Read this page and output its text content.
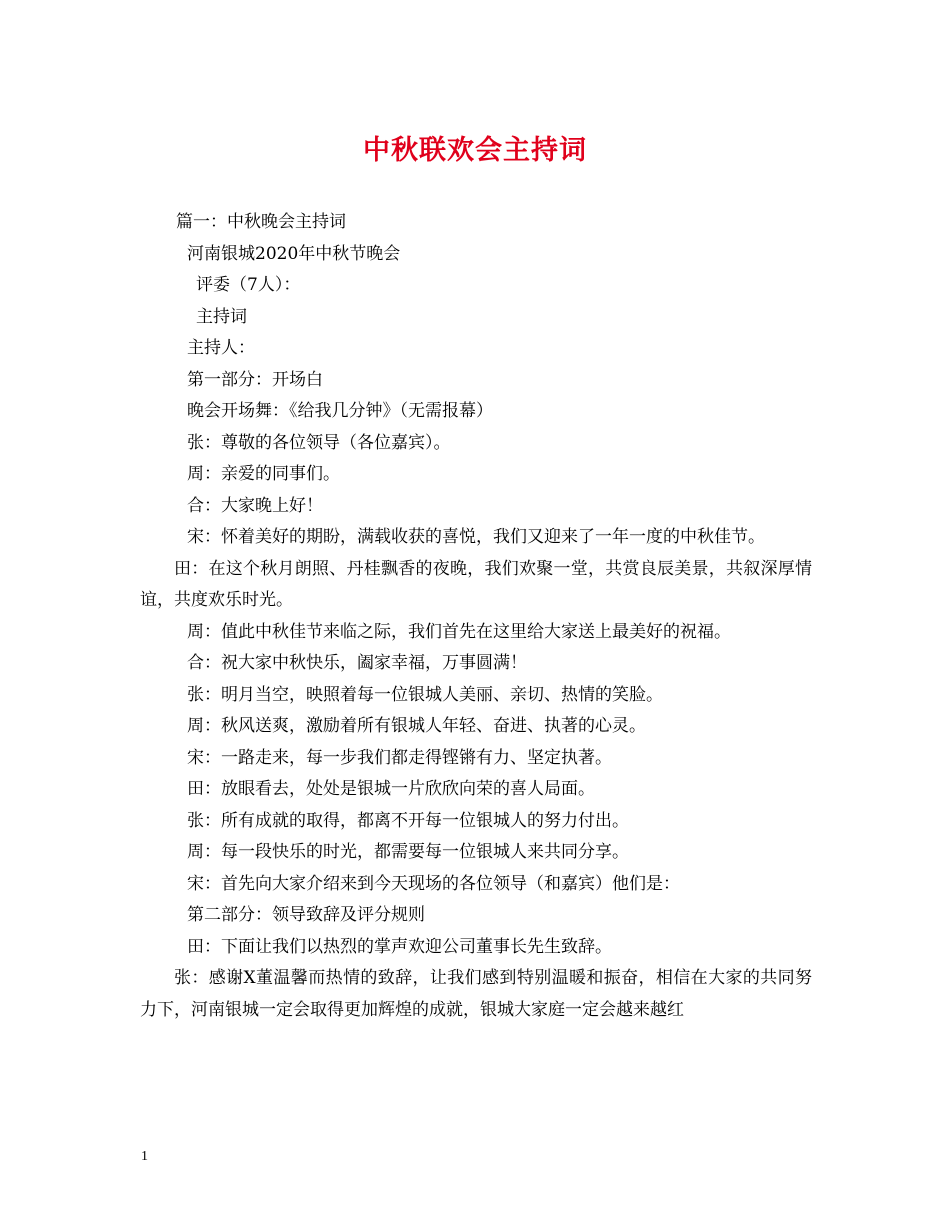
中秋联欢会主持词
篇一：中秋晚会主持词
河南银城2020年中秋节晚会
评委（7人）：
主持词
主持人：
第一部分：开场白
晚会开场舞：《给我几分钟》（无需报幕）
张：尊敬的各位领导（各位嘉宾）。
周：亲爱的同事们。
合：大家晚上好！
宋：怀着美好的期盼，满载收获的喜悦，我们又迎来了一年一度的中秋佳节。
田：在这个秋月朗照、丹桂飘香的夜晚，我们欢聚一堂，共赏良辰美景，共叙深厚情谊，共度欢乐时光。
周：值此中秋佳节来临之际，我们首先在这里给大家送上最美好的祝福。
合：祝大家中秋快乐，阖家幸福，万事圆满！
张：明月当空，映照着每一位银城人美丽、亲切、热情的笑脸。
周：秋风送爽，激励着所有银城人年轻、奋进、执著的心灵。
宋：一路走来，每一步我们都走得铿锵有力、坚定执著。
田：放眼看去，处处是银城一片欣欣向荣的喜人局面。
张：所有成就的取得，都离不开每一位银城人的努力付出。
周：每一段快乐的时光，都需要每一位银城人来共同分享。
宋：首先向大家介绍来到今天现场的各位领导（和嘉宾）他们是：
第二部分：领导致辞及评分规则
田：下面让我们以热烈的掌声欢迎公司董事长先生致辞。
张：感谢X董温馨而热情的致辞，让我们感到特别温暖和振奋，相信在大家的共同努力下，河南银城一定会取得更加辉煌的成就，银城大家庭一定会越来越红
1
